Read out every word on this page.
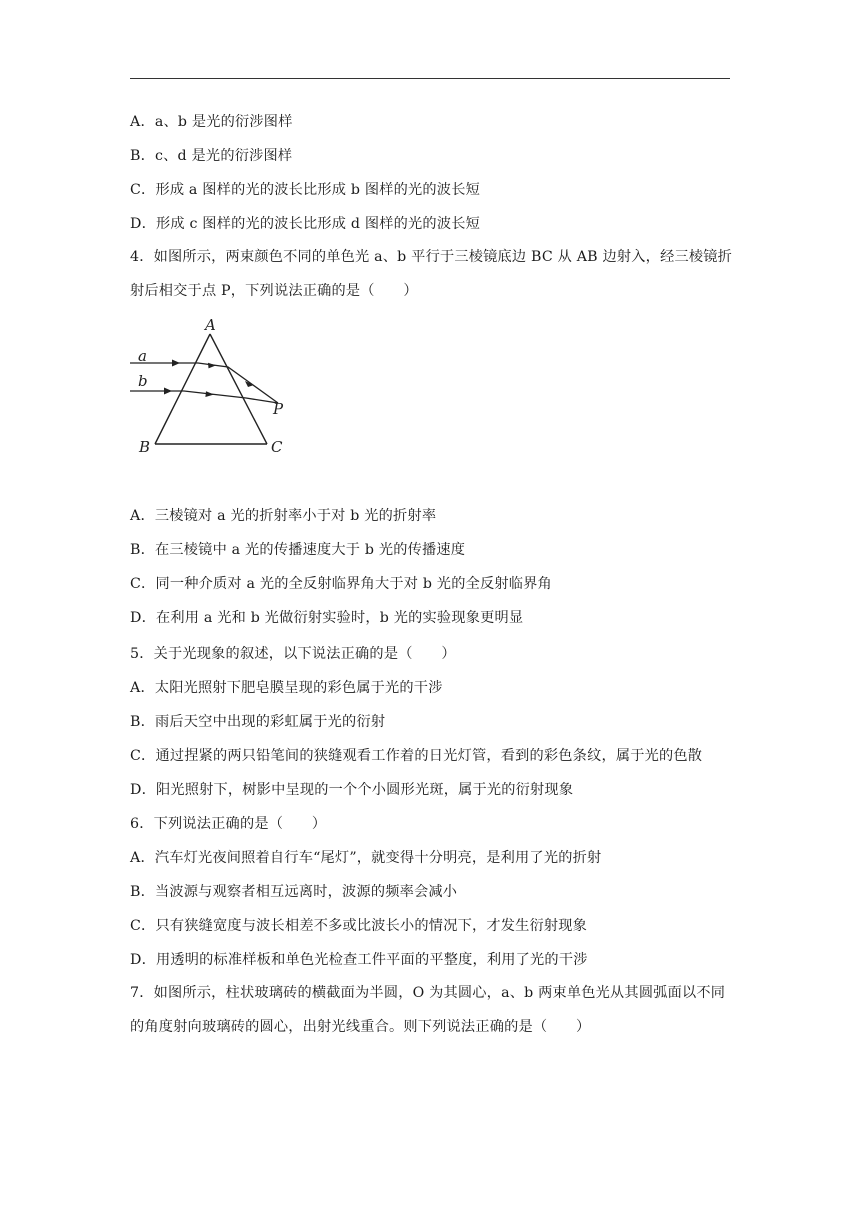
A．a、b 是光的衍涉图样
B．c、d 是光的衍涉图样
C．形成 a 图样的光的波长比形成 b 图样的光的波长短
D．形成 c 图样的光的波长比形成 d 图样的光的波长短
4．如图所示，两束颜色不同的单色光 a、b 平行于三棱镜底边 BC 从 AB 边射入，经三棱镜折射后相交于点 P，下列说法正确的是（　　）
A
a
b
P
B	C
A．三棱镜对 a 光的折射率小于对 b 光的折射率
B．在三棱镜中 a 光的传播速度大于 b 光的传播速度
C．同一种介质对 a 光的全反射临界角大于对 b 光的全反射临界角
D．在利用 a 光和 b 光做衍射实验时，b 光的实验现象更明显
5．关于光现象的叙述，以下说法正确的是（　　）
A．太阳光照射下肥皂膜呈现的彩色属于光的干涉
B．雨后天空中出现的彩虹属于光的衍射
C．通过捏紧的两只铅笔间的狭缝观看工作着的日光灯管，看到的彩色条纹，属于光的色散
D．阳光照射下，树影中呈现的一个个小圆形光斑，属于光的衍射现象
6．下列说法正确的是（　　）
A．汽车灯光夜间照着自行车“尾灯”，就变得十分明亮，是利用了光的折射
B．当波源与观察者相互远离时，波源的频率会减小
C．只有狭缝宽度与波长相差不多或比波长小的情况下，才发生衍射现象
D．用透明的标准样板和单色光检查工件平面的平整度，利用了光的干涉
7．如图所示，柱状玻璃砖的横截面为半圆，O 为其圆心，a、b 两束单色光从其圆弧面以不同的角度射向玻璃砖的圆心，出射光线重合。则下列说法正确的是（　　）
